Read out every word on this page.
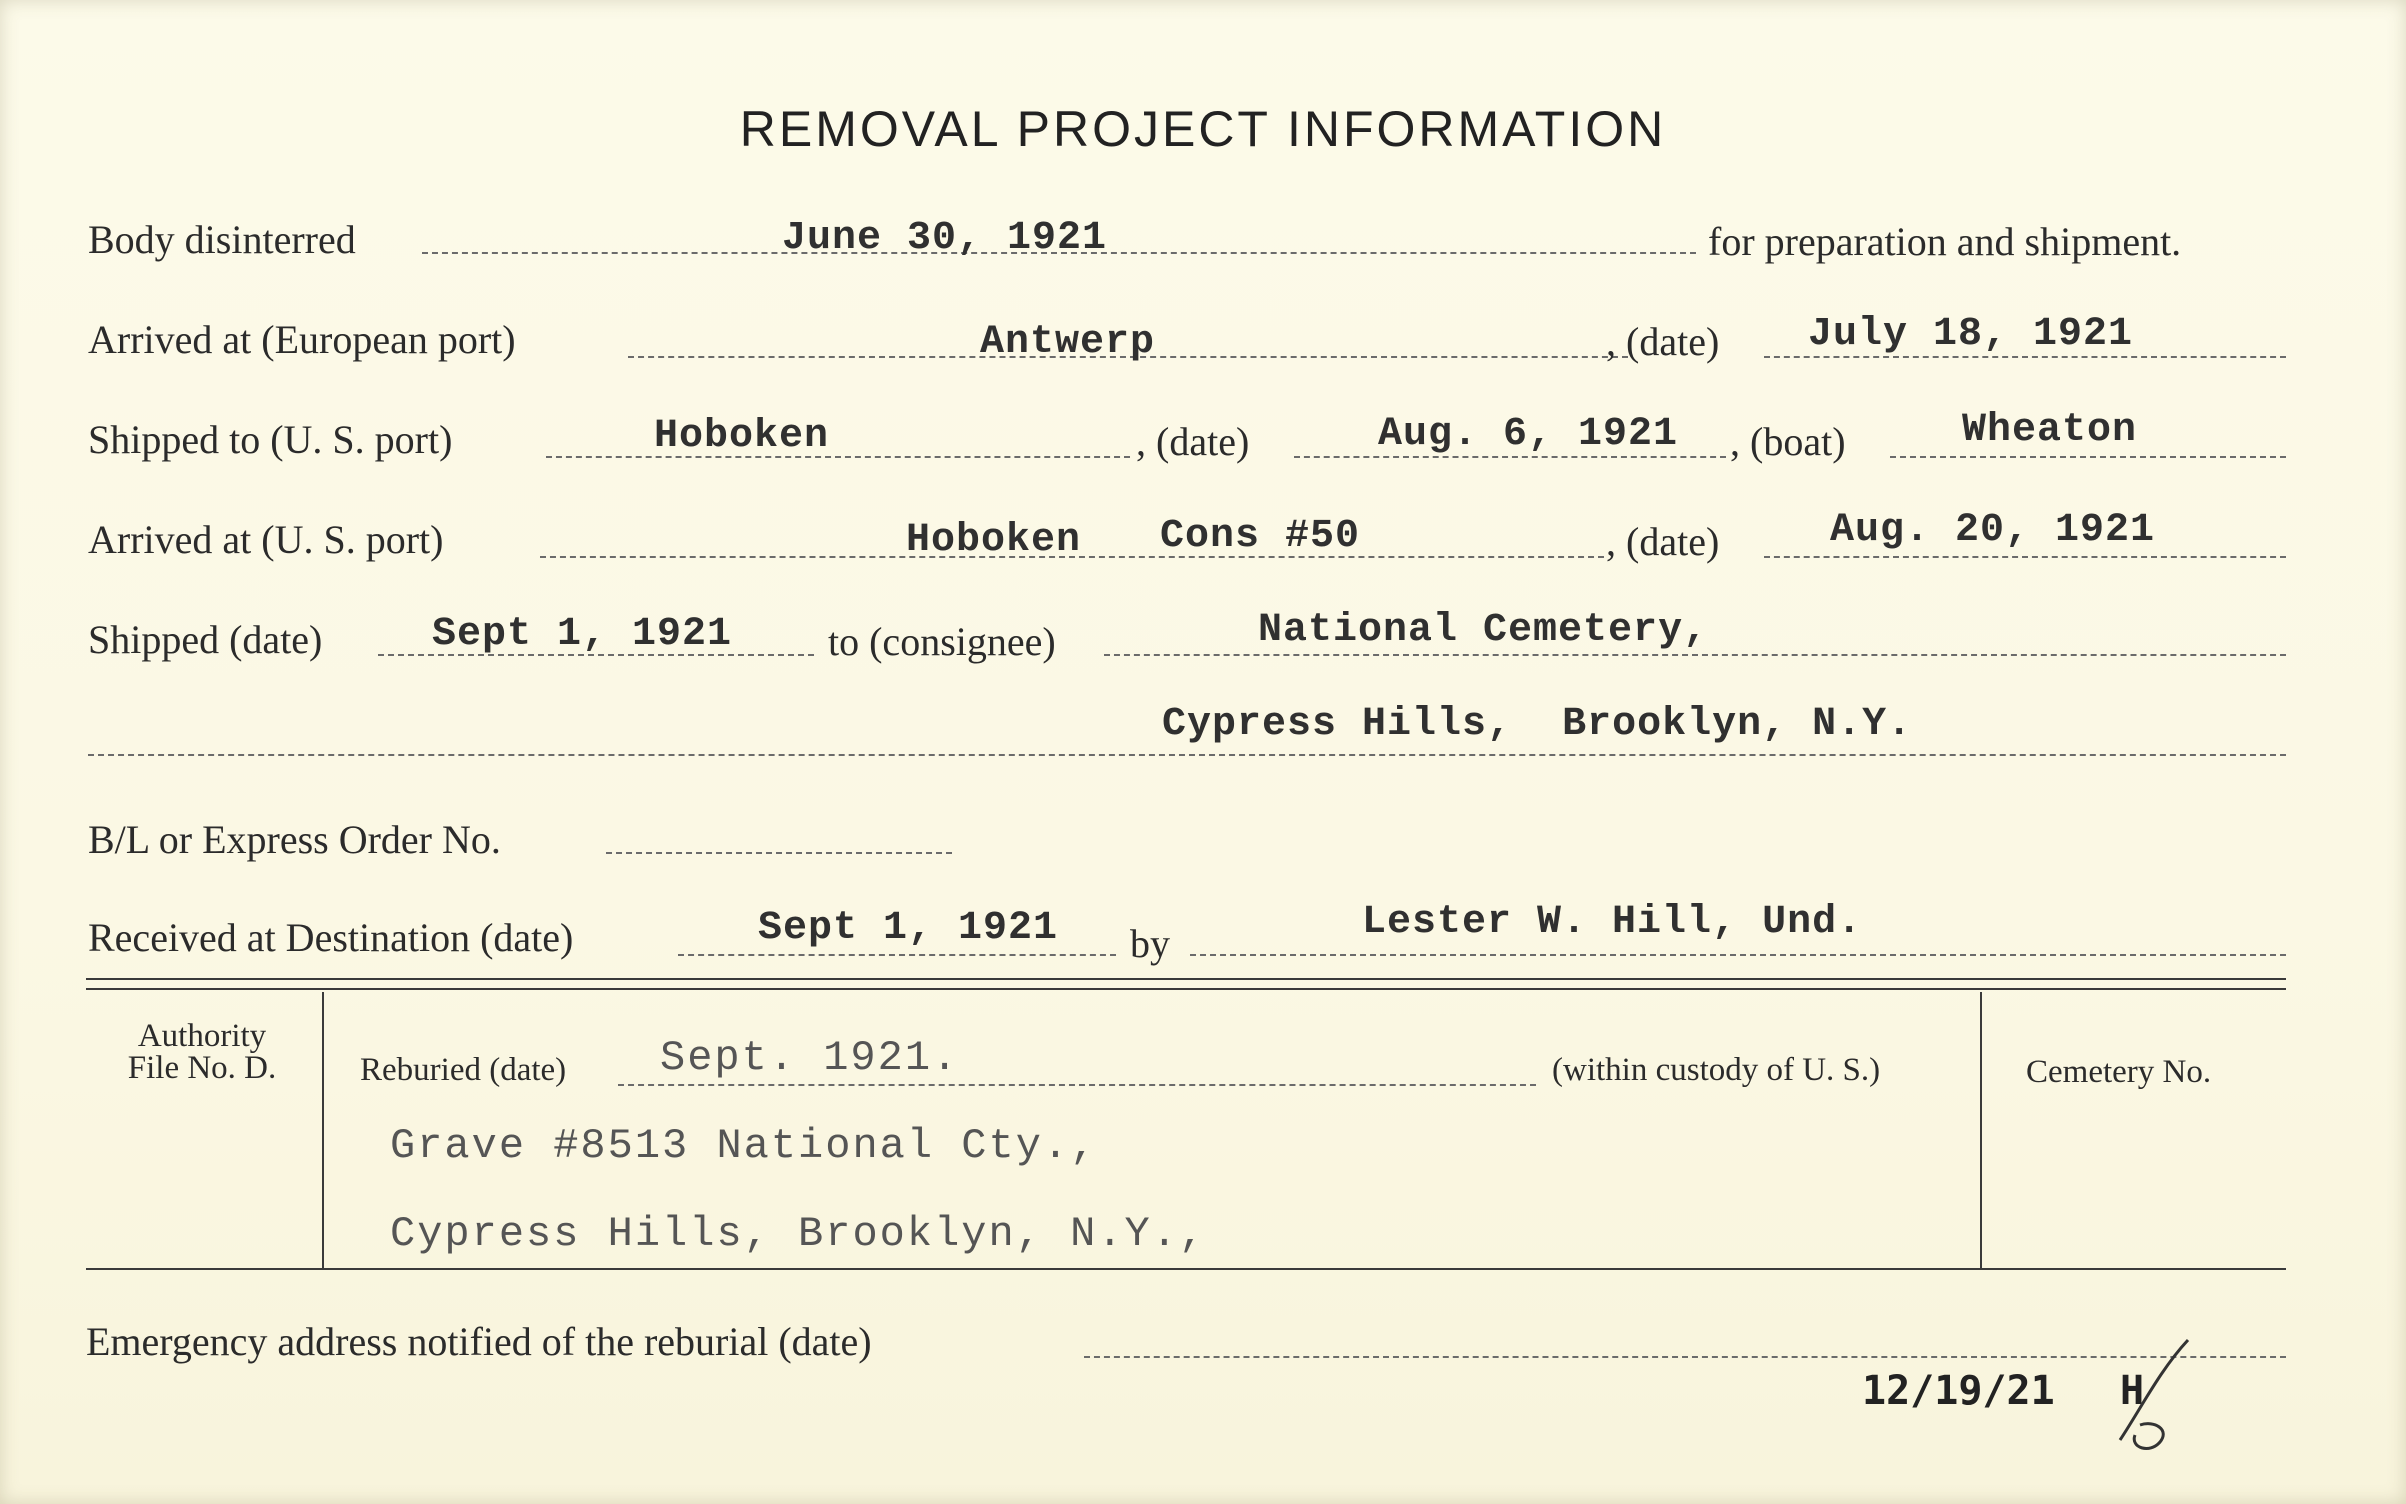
REMOVAL PROJECT INFORMATION
Body disinterred	June 30, 1921	for preparation and shipment.
Arrived at (European port)	Antwerp	, (date) July 18, 1921
Shipped to (U. S. port)	Hoboken	, (date)	Aug. 6, 1921 , (boat)	Wheaton
Arrived at (U. S. port)	Hoboken Cons #50	, (date)	Aug. 20, 1921
Shipped (date)	Sept 1, 1921 to (consignee)	National Cemetery,
Cypress Hills,  Brooklyn, N.Y.
B/L or Express Order No.
Received at Destination (date)	Sept 1, 1921 by	Lester W. Hill, Und.
Authority
File No. D.	Reburied (date) Sept. 1921.	(within custody of U. S.)
Grave #8513 National Cty.,
Cypress Hills, Brooklyn, N.Y.,
Cemetery No.
Emergency address notified of the reburial (date)
12/19/21 H
